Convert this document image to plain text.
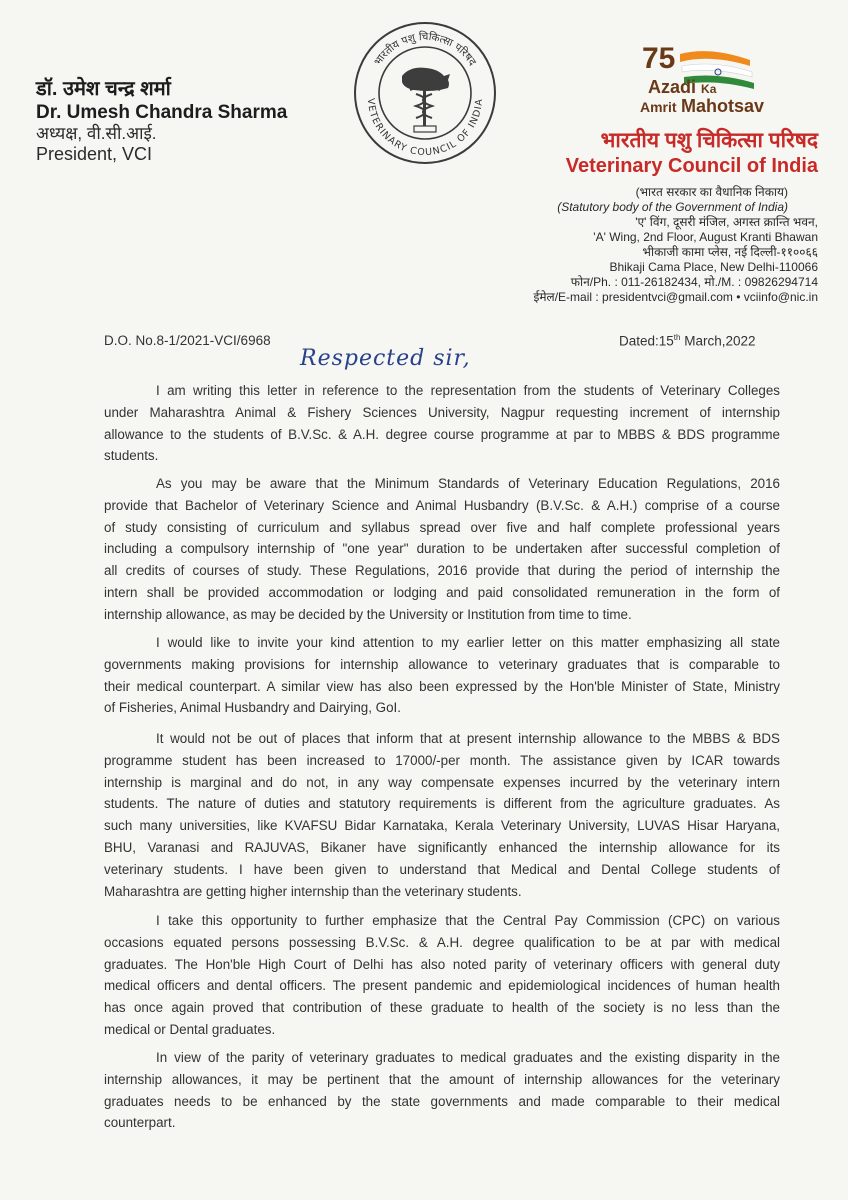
डॉ. उमेश चन्द्र शर्मा
Dr. Umesh Chandra Sharma
अध्यक्ष, वी.सी.आई.
President, VCI
भारतीय पशु चिकित्सा परिषद
VETERINARY COUNCIL OF INDIA
75
Azadi Ka
Amrit Mahotsav
भारतीय पशु चिकित्सा परिषद
Veterinary Council of India
(भारत सरकार का वैधानिक निकाय)
(Statutory body of the Government of India)
'ए' विंग, दूसरी मंजिल, अगस्त क्रान्ति भवन,
'A' Wing, 2nd Floor, August Kranti Bhawan
भीकाजी कामा प्लेस, नई दिल्ली-११००६६
Bhikaji Cama Place, New Delhi-110066
फोन/Ph. : 011-26182434, मो./M. : 09826294714
ईमेल/E-mail : presidentvci@gmail.com • vciinfo@nic.in
D.O. No.8-1/2021-VCI/6968	Dated:15th March,2022
Respected sir,
I am writing this letter in reference to the representation from the students of Veterinary Colleges
under Maharashtra Animal & Fishery Sciences University, Nagpur requesting increment of internship
allowance to the students of B.V.Sc. & A.H. degree course programme at par to MBBS & BDS programme
students.
As you may be aware that the Minimum Standards of Veterinary Education Regulations, 2016
provide that Bachelor of Veterinary Science and Animal Husbandry (B.V.Sc. & A.H.) comprise of a course
of study consisting of curriculum and syllabus spread over five and half complete professional years
including a compulsory internship of "one year" duration to be undertaken after successful completion of
all credits of courses of study. These Regulations, 2016 provide that during the period of internship the
intern shall be provided accommodation or lodging and paid consolidated remuneration in the form of
internship allowance, as may be decided by the University or Institution from time to time.
I would like to invite your kind attention to my earlier letter on this matter emphasizing all state
governments making provisions for internship allowance to veterinary graduates that is comparable to
their medical counterpart. A similar view has also been expressed by the Hon'ble Minister of State, Ministry
of Fisheries, Animal Husbandry and Dairying, GoI.
It would not be out of places that inform that at present internship allowance to the MBBS & BDS
programme student has been increased to 17000/-per month. The assistance given by ICAR towards
internship is marginal and do not, in any way compensate expenses incurred by the veterinary intern
students. The nature of duties and statutory requirements is different from the agriculture graduates. As
such many universities, like KVAFSU Bidar Karnataka, Kerala Veterinary University, LUVAS Hisar Haryana,
BHU, Varanasi and RAJUVAS, Bikaner have significantly enhanced the internship allowance for its
veterinary students. I have been given to understand that Medical and Dental College students of
Maharashtra are getting higher internship than the veterinary students.
I take this opportunity to further emphasize that the Central Pay Commission (CPC) on various
occasions equated persons possessing B.V.Sc. & A.H. degree qualification to be at par with medical
graduates. The Hon'ble High Court of Delhi has also noted parity of veterinary officers with general duty
medical officers and dental officers. The present pandemic and epidemiological incidences of human health
has once again proved that contribution of these graduate to health of the society is no less than the
medical or Dental graduates.
In view of the parity of veterinary graduates to medical graduates and the existing disparity in the
internship allowances, it may be pertinent that the amount of internship allowances for the veterinary
graduates needs to be enhanced by the state governments and made comparable to their medical
counterpart.
